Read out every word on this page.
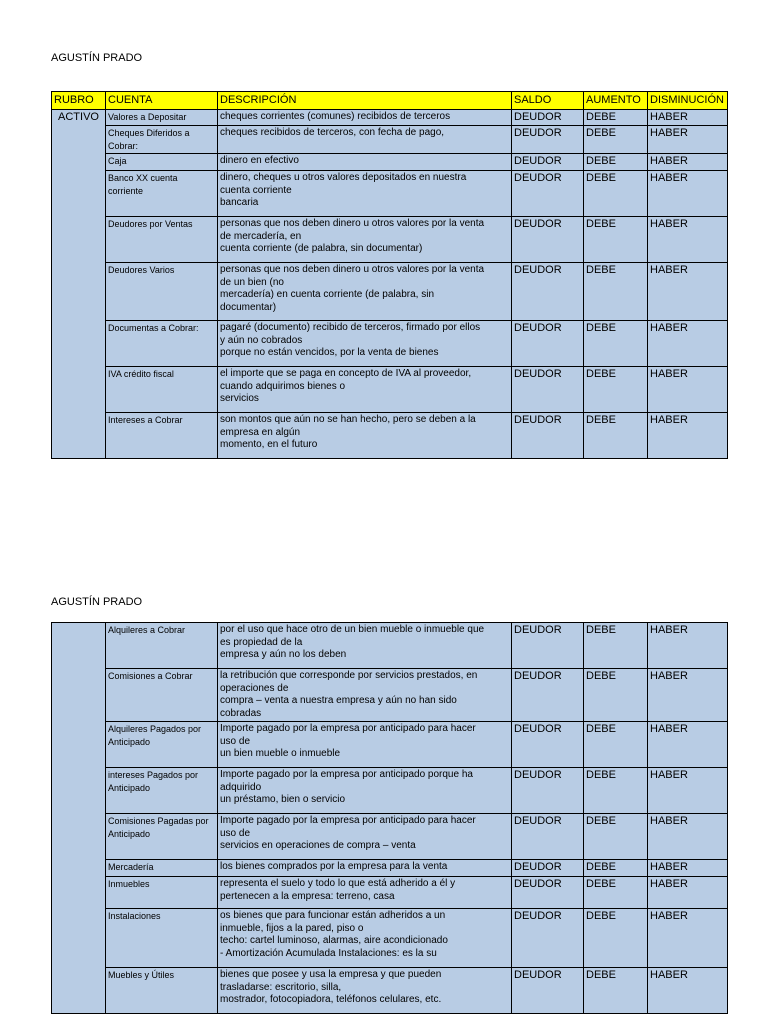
AGUSTÍN PRADO
RUBRO	CUENTA	DESCRIPCIÓN	SALDO	AUMENTO	DISMINUCIÓN
ACTIVO	Valores a Depositar	cheques corrientes (comunes) recibidos de terceros	DEUDOR	DEBE	HABER
	Cheques Diferidos a Cobrar:	cheques recibidos de terceros, con fecha de pago,	DEUDOR	DEBE	HABER
	Caja	dinero en efectivo	DEUDOR	DEBE	HABER
	Banco XX cuenta corriente	dinero, cheques u otros valores depositados en nuestra
cuenta corriente
bancaria	DEUDOR	DEBE	HABER
	Deudores por Ventas	personas que nos deben dinero u otros valores por la venta
de mercadería, en
cuenta corriente (de palabra, sin documentar)	DEUDOR	DEBE	HABER
	Deudores Varios	personas que nos deben dinero u otros valores por la venta
de un bien (no
mercadería) en cuenta corriente (de palabra, sin
documentar)	DEUDOR	DEBE	HABER
	Documentas a Cobrar:	pagaré (documento) recibido de terceros, firmado por ellos
y aún no cobrados
porque no están vencidos, por la venta de bienes	DEUDOR	DEBE	HABER
	IVA crédito fiscal	el importe que se paga en concepto de IVA al proveedor,
cuando adquirimos bienes o
servicios	DEUDOR	DEBE	HABER
	Intereses a Cobrar	son montos que aún no se han hecho, pero se deben a la
empresa en algún
momento, en el futuro	DEUDOR	DEBE	HABER
AGUSTÍN PRADO
	Alquileres a Cobrar	por el uso que hace otro de un bien mueble o inmueble que
es propiedad de la
empresa y aún no los deben	DEUDOR	DEBE	HABER
	Comisiones a Cobrar	la retribución que corresponde por servicios prestados, en
operaciones de
compra – venta a nuestra empresa y aún no han sido
cobradas	DEUDOR	DEBE	HABER
	Alquileres Pagados por Anticipado	Importe pagado por la empresa por anticipado para hacer
uso de
un bien mueble o inmueble	DEUDOR	DEBE	HABER
	intereses Pagados por Anticipado	Importe pagado por la empresa por anticipado porque ha
adquirido
un préstamo, bien o servicio	DEUDOR	DEBE	HABER
	Comisiones Pagadas por Anticipado	Importe pagado por la empresa por anticipado para hacer
uso de
servicios en operaciones de compra – venta	DEUDOR	DEBE	HABER
	Mercadería	los bienes comprados por la empresa para la venta	DEUDOR	DEBE	HABER
	Inmuebles	representa el suelo y todo lo que está adherido a él y
pertenecen a la empresa: terreno, casa	DEUDOR	DEBE	HABER
	Instalaciones	os bienes que para funcionar están adheridos a un
inmueble, fijos a la pared, piso o
techo: cartel luminoso, alarmas, aire acondicionado
- Amortización Acumulada Instalaciones: es la su	DEUDOR	DEBE	HABER
	Muebles y Útiles	bienes que posee y usa la empresa y que pueden
trasladarse: escritorio, silla,
mostrador, fotocopiadora, teléfonos celulares, etc.	DEUDOR	DEBE	HABER
